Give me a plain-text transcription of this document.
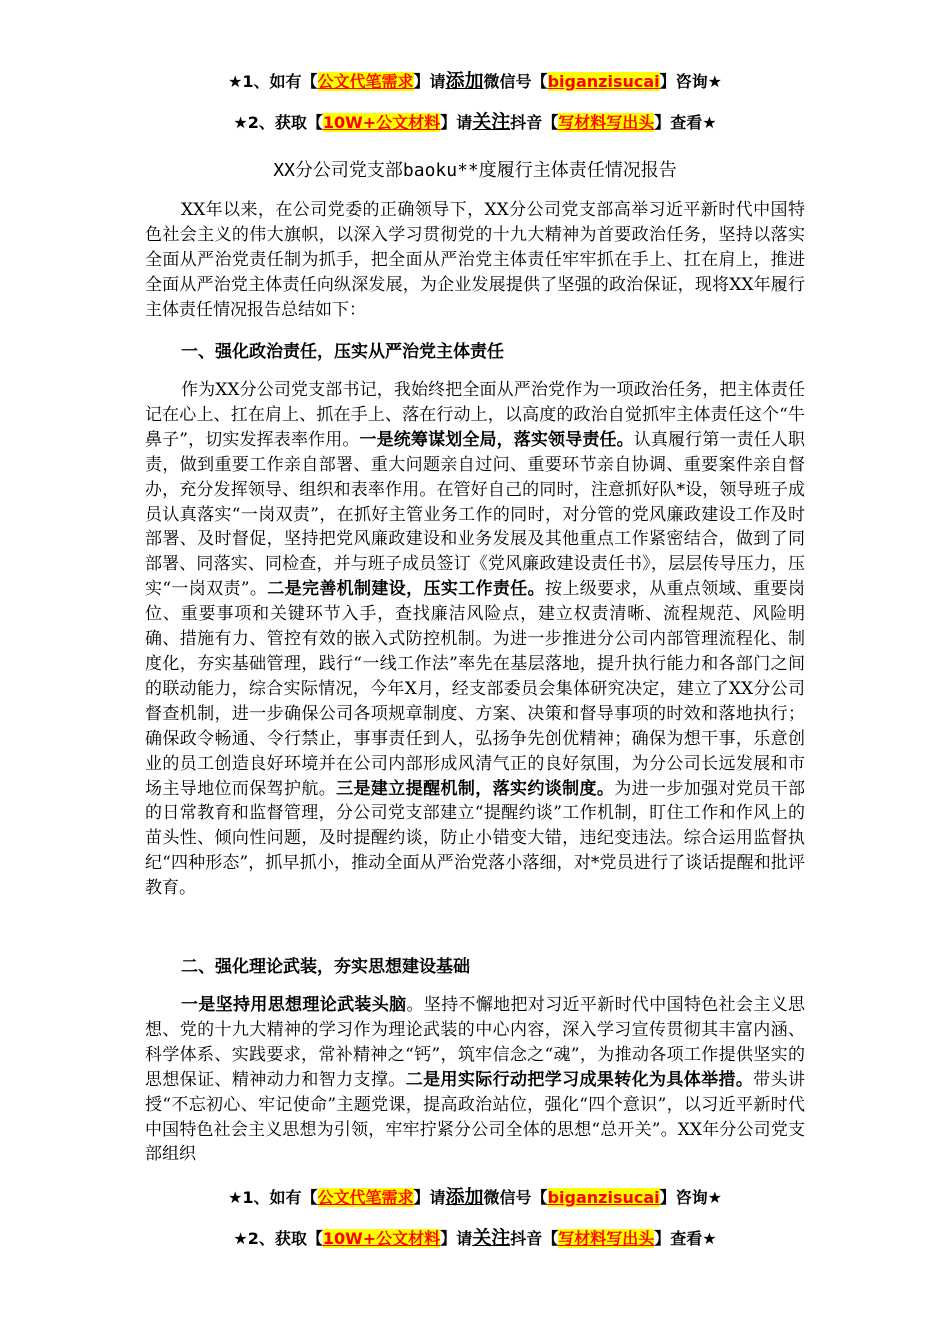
★1、如有【公文代笔需求】请添加微信号【biganzisucai】咨询★
★2、获取【10W+公文材料】请关注抖音【写材料写出头】查看★
XX分公司党支部baoku**度履行主体责任情况报告
XX年以来，在公司党委的正确领导下，XX分公司党支部高举习近平新时代中国特色社会主义的伟大旗帜，以深入学习贯彻党的十九大精神为首要政治任务，坚持以落实全面从严治党责任制为抓手，把全面从严治党主体责任牢牢抓在手上、扛在肩上，推进全面从严治党主体责任向纵深发展，为企业发展提供了坚强的政治保证，现将XX年履行主体责任情况报告总结如下：
一、强化政治责任，压实从严治党主体责任
作为XX分公司党支部书记，我始终把全面从严治党作为一项政治任务，把主体责任记在心上、扛在肩上、抓在手上、落在行动上，以高度的政治自觉抓牢主体责任这个“牛鼻子”，切实发挥表率作用。一是统筹谋划全局，落实领导责任。认真履行第一责任人职责，做到重要工作亲自部署、重大问题亲自过问、重要环节亲自协调、重要案件亲自督办，充分发挥领导、组织和表率作用。在管好自己的同时，注意抓好队*设，领导班子成员认真落实“一岗双责”，在抓好主管业务工作的同时，对分管的党风廉政建设工作及时部署、及时督促，坚持把党风廉政建设和业务发展及其他重点工作紧密结合，做到了同部署、同落实、同检查，并与班子成员签订《党风廉政建设责任书》，层层传导压力，压实“一岗双责”。二是完善机制建设，压实工作责任。按上级要求，从重点领域、重要岗位、重要事项和关键环节入手，查找廉洁风险点，建立权责清晰、流程规范、风险明确、措施有力、管控有效的嵌入式防控机制。为进一步推进分公司内部管理流程化、制度化，夯实基础管理，践行“一线工作法”率先在基层落地，提升执行能力和各部门之间的联动能力，综合实际情况，今年X月，经支部委员会集体研究决定，建立了XX分公司督查机制，进一步确保公司各项规章制度、方案、决策和督导事项的时效和落地执行；确保政令畅通、令行禁止，事事责任到人，弘扬争先创优精神；确保为想干事，乐意创业的员工创造良好环境并在公司内部形成风清气正的良好氛围，为分公司长远发展和市场主导地位而保驾护航。三是建立提醒机制，落实约谈制度。为进一步加强对党员干部的日常教育和监督管理，分公司党支部建立“提醒约谈”工作机制，盯住工作和作风上的苗头性、倾向性问题，及时提醒约谈，防止小错变大错，违纪变违法。综合运用监督执纪“四种形态”，抓早抓小，推动全面从严治党落小落细，对*党员进行了谈话提醒和批评教育。
二、强化理论武装，夯实思想建设基础
一是坚持用思想理论武装头脑。坚持不懈地把对习近平新时代中国特色社会主义思想、党的十九大精神的学习作为理论武装的中心内容，深入学习宣传贯彻其丰富内涵、科学体系、实践要求，常补精神之“钙”，筑牢信念之“魂”，为推动各项工作提供坚实的思想保证、精神动力和智力支撑。二是用实际行动把学习成果转化为具体举措。带头讲授“不忘初心、牢记使命”主题党课，提高政治站位，强化“四个意识”，以习近平新时代中国特色社会主义思想为引领，牢牢拧紧分公司全体的思想“总开关”。XX年分公司党支部组织
★1、如有【公文代笔需求】请添加微信号【biganzisucai】咨询★
★2、获取【10W+公文材料】请关注抖音【写材料写出头】查看★
